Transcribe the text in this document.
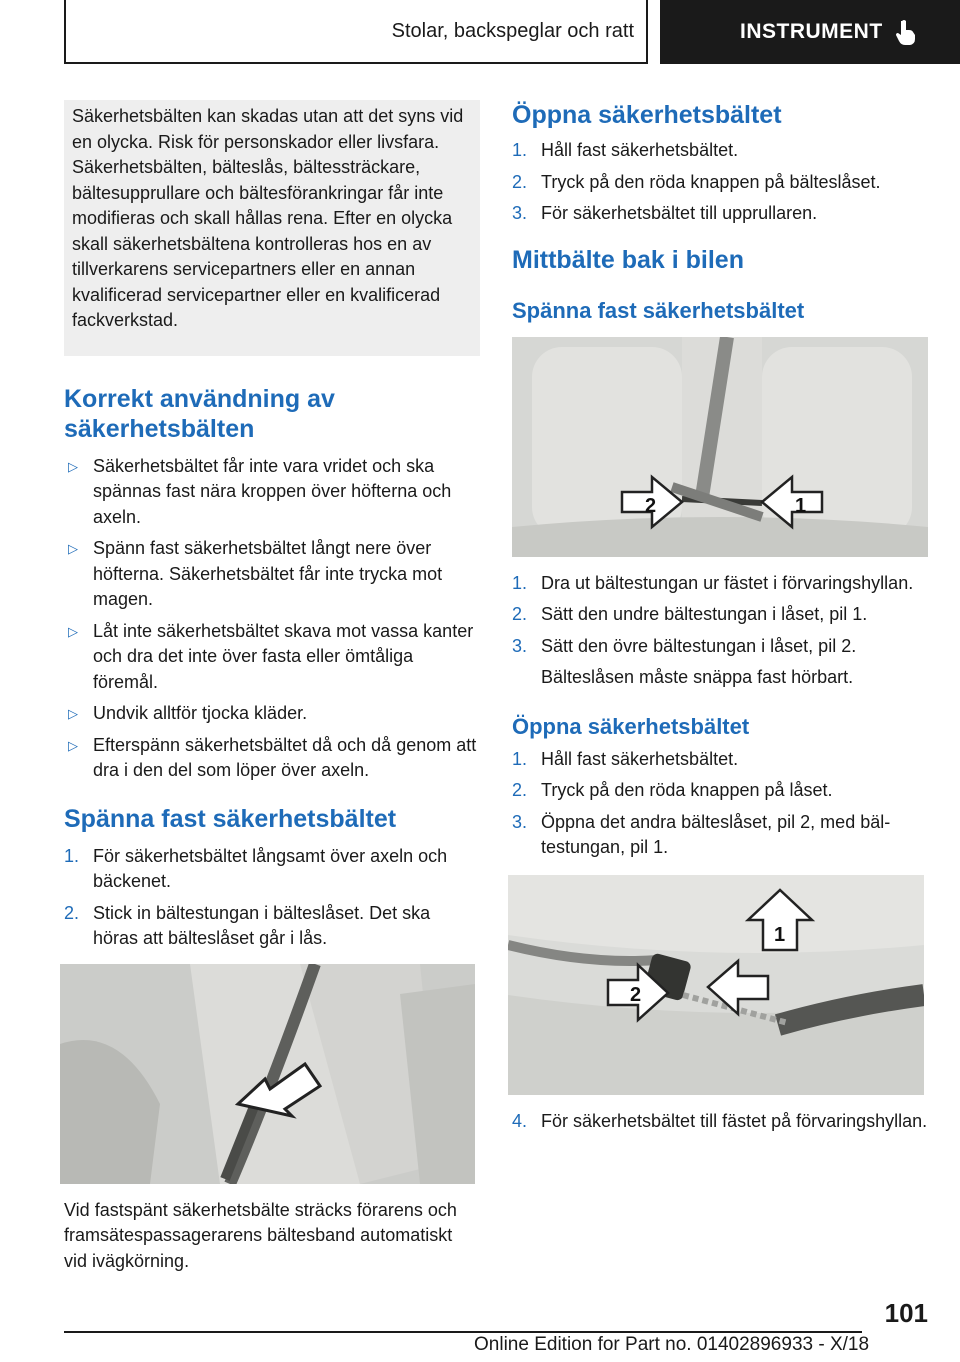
Stolar, backspeglar och ratt	INSTRUMENT
Säkerhetsbälten kan skadas utan att det syns vid en olycka. Risk för personskador eller livsfara. Säkerhetsbälten, bälteslås, bältessträckare, bältesupprullare och bältesförankringar får inte modifieras och skall hållas rena. Efter en olycka skall säkerhetsbältena kontrolleras hos en av tillverkarens servicepartners eller en annan kvalificerad servicepartner eller en kvalificerad fackverkstad.
Korrekt användning av säkerhetsbälten
▷ Säkerhetsbältet får inte vara vridet och ska spännas fast nära kroppen över höfterna och axeln.
▷ Spänn fast säkerhetsbältet långt nere över höfterna. Säkerhetsbältet får inte trycka mot magen.
▷ Låt inte säkerhetsbältet skava mot vassa kanter och dra det inte över fasta eller ömtåliga föremål.
▷ Undvik alltför tjocka kläder.
▷ Efterspänn säkerhetsbältet då och då genom att dra i den del som löper över axeln.
Spänna fast säkerhetsbältet
1. För säkerhetsbältet långsamt över axeln och bäckenet.
2. Stick in bältestungan i bälteslåset. Det ska höras att bälteslåset går i lås.
Vid fastspänt säkerhetsbälte sträcks förarens och framsätespassagerarens bältesband automatiskt vid ivägkörning.
Öppna säkerhetsbältet
1. Håll fast säkerhetsbältet.
2. Tryck på den röda knappen på bälteslåset.
3. För säkerhetsbältet till upprullaren.
Mittbälte bak i bilen
Spänna fast säkerhetsbältet
2	1
1. Dra ut bältestungan ur fästet i förvaringshyllan.
2. Sätt den undre bältestungan i låset, pil 1.
3. Sätt den övre bältestungan i låset, pil 2.
Bälteslåsen måste snäppa fast hörbart.
Öppna säkerhetsbältet
1. Håll fast säkerhetsbältet.
2. Tryck på den röda knappen på låset.
3. Öppna det andra bälteslåset, pil 2, med bältestungan, pil 1.
2
1
4. För säkerhetsbältet till fästet på förvaringshyllan.
101
Online Edition for Part no. 01402896933 - X/18
